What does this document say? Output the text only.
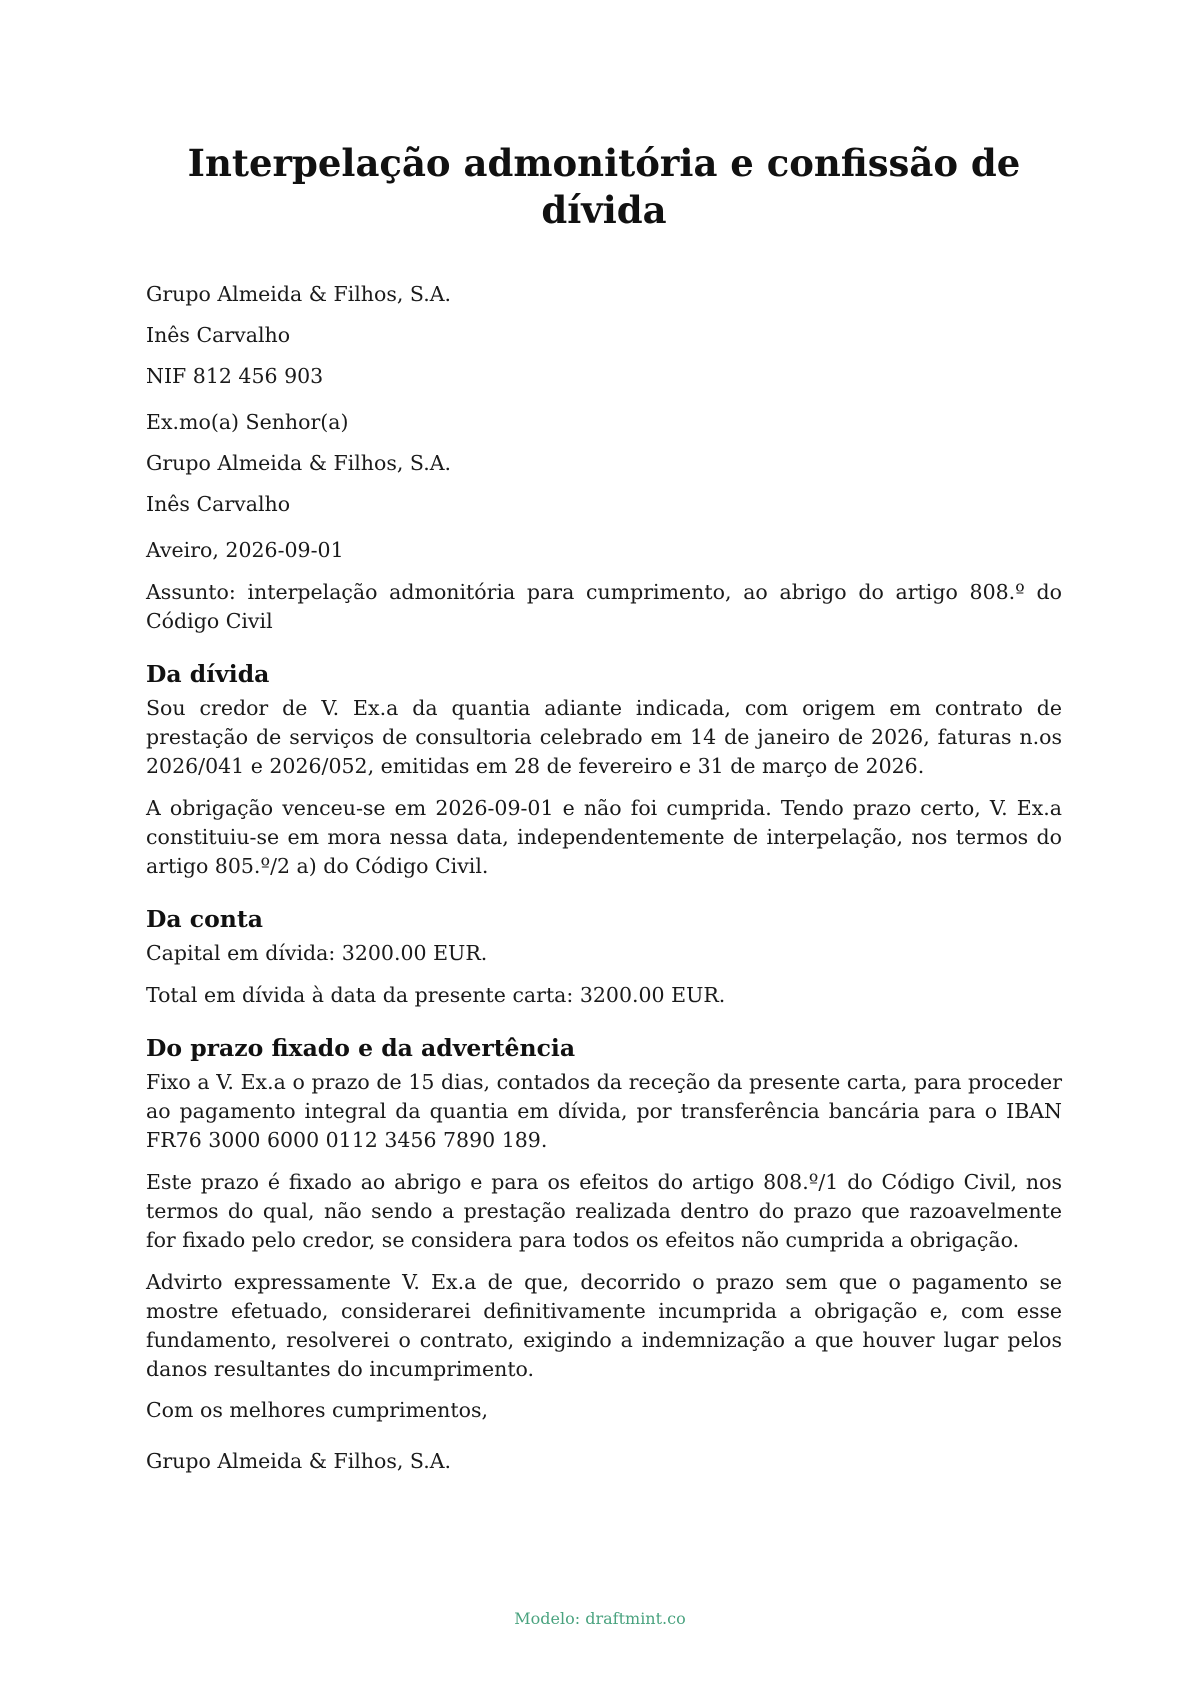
Interpelação admonitória e confissão de dívida

Grupo Almeida & Filhos, S.A.

Inês Carvalho

NIF 812 456 903

Ex.mo(a) Senhor(a)

Grupo Almeida & Filhos, S.A.

Inês Carvalho

Aveiro, 2026-09-01

Assunto: interpelação admonitória para cumprimento, ao abrigo do artigo 808.º do Código Civil

Da dívida

Sou credor de V. Ex.a da quantia adiante indicada, com origem em contrato de prestação de serviços de consultoria celebrado em 14 de janeiro de 2026, faturas n.os 2026/041 e 2026/052, emitidas em 28 de fevereiro e 31 de março de 2026.

A obrigação venceu-se em 2026-09-01 e não foi cumprida. Tendo prazo certo, V. Ex.a constituiu-se em mora nessa data, independentemente de interpelação, nos termos do artigo 805.º/2 a) do Código Civil.

Da conta

Capital em dívida: 3200.00 EUR.

Total em dívida à data da presente carta: 3200.00 EUR.

Do prazo fixado e da advertência

Fixo a V. Ex.a o prazo de 15 dias, contados da receção da presente carta, para proceder ao pagamento integral da quantia em dívida, por transferência bancária para o IBAN FR76 3000 6000 0112 3456 7890 189.

Este prazo é fixado ao abrigo e para os efeitos do artigo 808.º/1 do Código Civil, nos termos do qual, não sendo a prestação realizada dentro do prazo que razoavelmente for fixado pelo credor, se considera para todos os efeitos não cumprida a obrigação.

Advirto expressamente V. Ex.a de que, decorrido o prazo sem que o pagamento se mostre efetuado, considerarei definitivamente incumprida a obrigação e, com esse fundamento, resolverei o contrato, exigindo a indemnização a que houver lugar pelos danos resultantes do incumprimento.

Com os melhores cumprimentos,

Grupo Almeida & Filhos, S.A.

Modelo: draftmint.co
